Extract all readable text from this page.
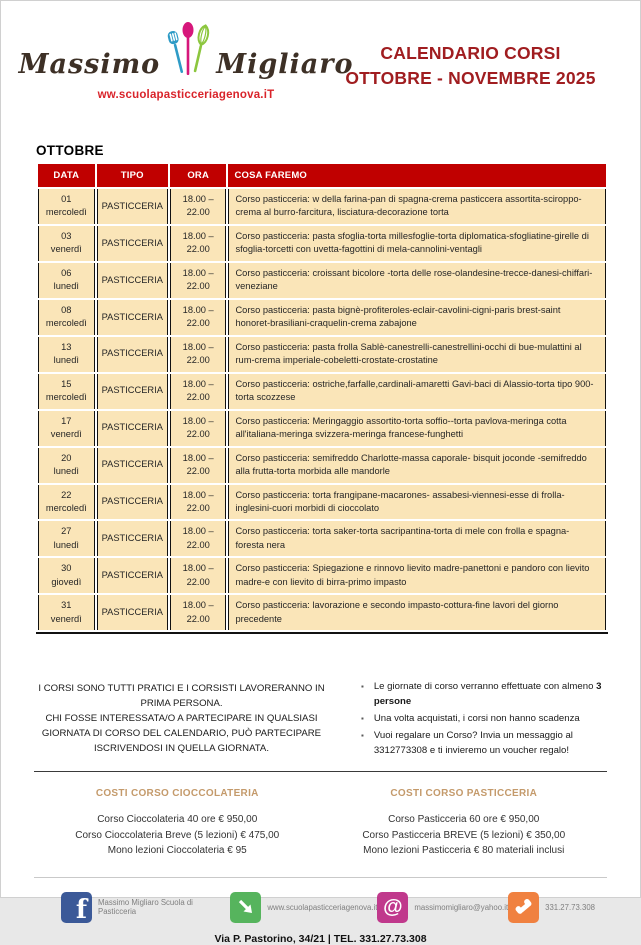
Massimo Migliaro
ww.scuolapasticceriagenova.iT
CALENDARIO CORSI
OTTOBRE - NOVEMBRE 2025
OTTOBRE
DATA	TIPO	ORA	COSA FAREMO

01
mercoledì	PASTICCERIA	18.00 – 22.00	Corso pasticceria: w della farina-pan di spagna-crema pasticcera assortita-sciroppo-crema al burro-farcitura, lisciatura-decorazione torta

03
venerdì	PASTICCERIA	18.00 – 22.00	Corso pasticceria: pasta sfoglia-torta millesfoglie-torta diplomatica-sfogliatine-girelle di sfoglia-torcetti con uvetta-fagottini di mela-cannolini-ventagli

06
lunedì	PASTICCERIA	18.00 – 22.00	Corso pasticceria: croissant bicolore -torta delle rose-olandesine-trecce-danesi-chiffari-veneziane

08
mercoledì	PASTICCERIA	18.00 – 22.00	Corso pasticceria: pasta bignè-profiteroles-eclair-cavolini-cigni-paris brest-saint honoret-brasiliani-craquelin-crema zabajone

13
lunedì	PASTICCERIA	18.00 – 22.00	Corso pasticceria: pasta frolla Sablè-canestrelli-canestrellini-occhi di bue-mulattini al rum-crema imperiale-cobeletti-crostate-crostatine

15
mercoledì	PASTICCERIA	18.00 – 22.00	Corso pasticceria: ostriche,farfalle,cardinali-amaretti Gavi-baci di Alassio-torta tipo 900-torta scozzese

17
venerdì	PASTICCERIA	18.00 – 22.00	Corso pasticceria: Meringaggio assortito-torta soffio--torta pavlova-meringa cotta all'italiana-meringa svizzera-meringa francese-funghetti

20
lunedì	PASTICCERIA	18.00 – 22.00	Corso pasticceria: semifreddo Charlotte-massa caporale- bisquit joconde -semifreddo alla frutta-torta morbida alle mandorle

22
mercoledì	PASTICCERIA	18.00 – 22.00	Corso pasticceria: torta frangipane-macarones- assabesi-viennesi-esse di frolla-inglesini-cuori morbidi di cioccolato

27
lunedì	PASTICCERIA	18.00 – 22.00	Corso pasticceria: torta saker-torta sacripantina-torta di mele con frolla e spagna-foresta nera

30
giovedì	PASTICCERIA	18.00 – 22.00	Corso pasticceria: Spiegazione e rinnovo lievito madre-panettoni e pandoro con lievito madre-e con lievito di birra-primo impasto

31
venerdì	PASTICCERIA	18.00 – 22.00	Corso pasticceria: lavorazione e secondo impasto-cottura-fine lavori del giorno precedente
I CORSI SONO TUTTI PRATICI E I CORSISTI LAVORERANNO IN PRIMA PERSONA.
CHI FOSSE INTERESSATA/O A PARTECIPARE IN QUALSIASI GIORNATA DI CORSO DEL CALENDARIO, PUÒ PARTECIPARE ISCRIVENDOSI IN QUELLA GIORNATA.
▪ Le giornate di corso verranno effettuate con almeno 3 persone
▪ Una volta acquistati, i corsi non hanno scadenza
▪ Vuoi regalare un Corso? Invia un messaggio al 3312773308 e ti invieremo un voucher regalo!
COSTI CORSO CIOCCOLATERIA
Corso Cioccolateria 40 ore € 950,00
Corso Cioccolateria Breve (5 lezioni) € 475,00
Mono lezioni Cioccolateria € 95
COSTI CORSO PASTICCERIA
Corso Pasticceria 60 ore € 950,00
Corso Pasticceria BREVE (5 lezioni) € 350,00
Mono lezioni Pasticceria € 80 materiali inclusi
f Massimo Migliaro Scuola di Pasticceria	www.scuolapasticceriagenova.it @ massimomigliaro@yahoo.it	331.27.73.308
Via P. Pastorino, 34/21 | TEL. 331.27.73.308
